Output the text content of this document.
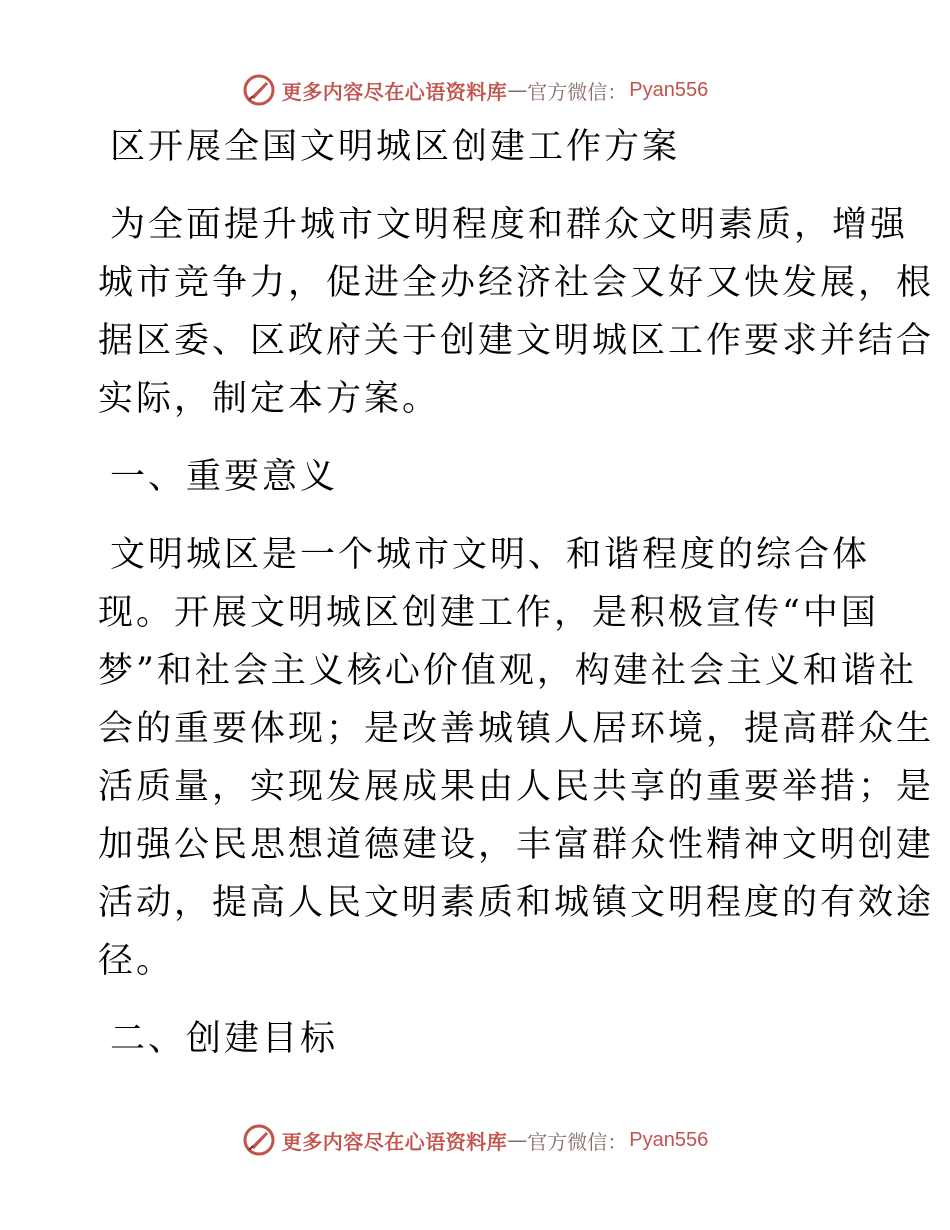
更多内容尽在心语资料库 — 官方微信： Pyan556

区开展全国文明城区创建工作方案

为全面提升城市文明程度和群众文明素质，增强

城市竞争力，促进全办经济社会又好又快发展，根

据区委、区政府关于创建文明城区工作要求并结合

实际，制定本方案。

一、重要意义

文明城区是一个城市文明、和谐程度的综合体

现。开展文明城区创建工作，是积极宣传“中国

梦”和社会主义核心价值观，构建社会主义和谐社

会的重要体现；是改善城镇人居环境，提高群众生

活质量，实现发展成果由人民共享的重要举措；是

加强公民思想道德建设，丰富群众性精神文明创建

活动，提高人民文明素质和城镇文明程度的有效途

径。

二、创建目标

更多内容尽在心语资料库 — 官方微信： Pyan556
